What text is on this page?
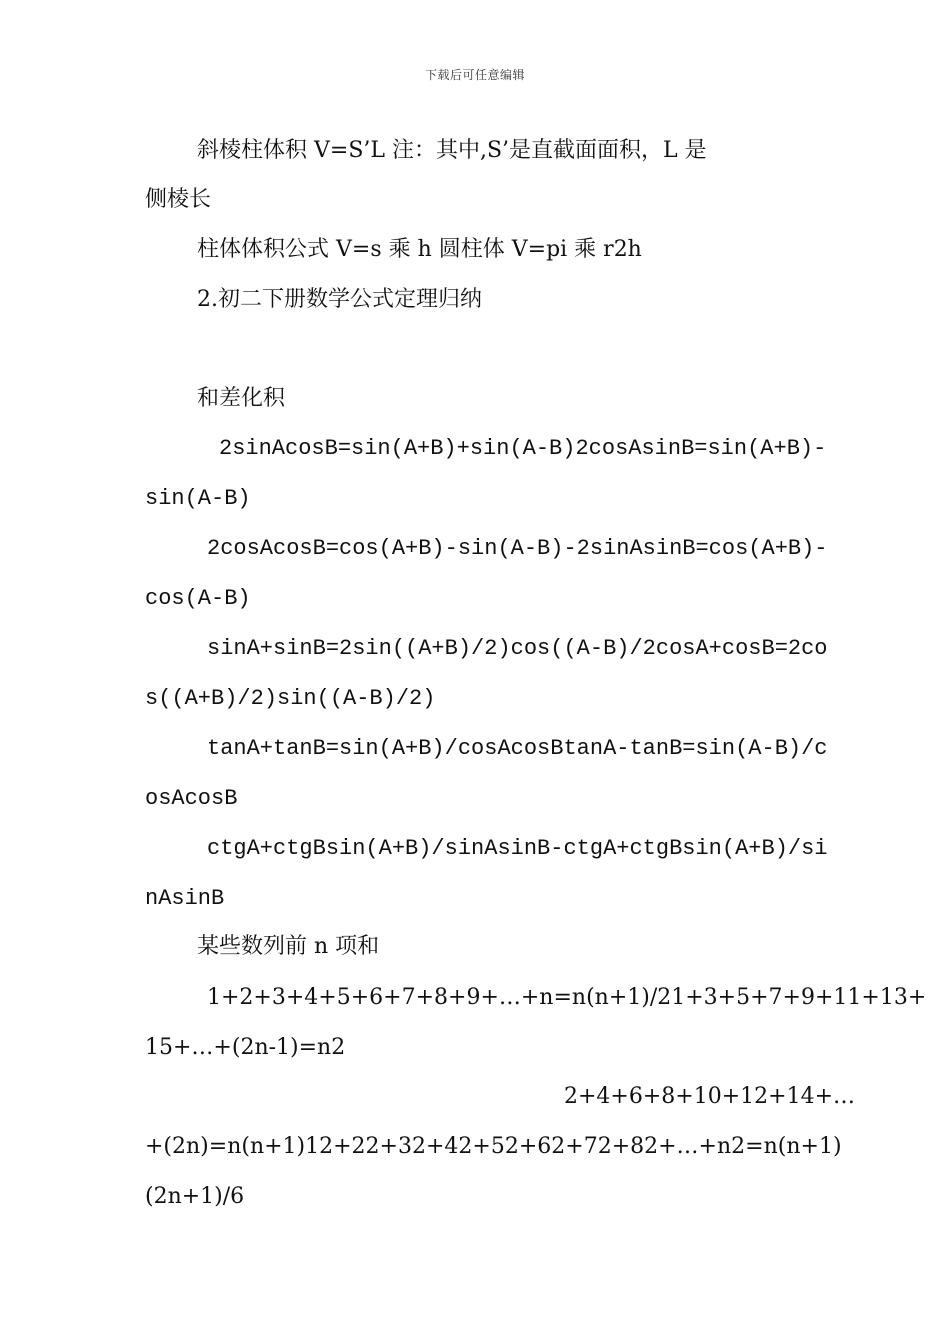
下载后可任意编辑
斜棱柱体积 V=S’L 注：其中,S’是直截面面积，L 是
侧棱长
柱体体积公式 V=s 乘 h 圆柱体 V=pi 乘 r2h
2.初二下册数学公式定理归纳
和差化积
2sinAcosB=sin(A+B)+sin(A-B)2cosAsinB=sin(A+B)-
sin(A-B)
2cosAcosB=cos(A+B)-sin(A-B)-2sinAsinB=cos(A+B)-
cos(A-B)
sinA+sinB=2sin((A+B)/2)cos((A-B)/2cosA+cosB=2co
s((A+B)/2)sin((A-B)/2)
tanA+tanB=sin(A+B)/cosAcosBtanA-tanB=sin(A-B)/c
osAcosB
ctgA+ctgBsin(A+B)/sinAsinB-ctgA+ctgBsin(A+B)/si
nAsinB
某些数列前 n 项和
1+2+3+4+5+6+7+8+9+…+n=n(n+1)/21+3+5+7+9+11+13+
15+…+(2n-1)=n2
2+4+6+8+10+12+14+…
+(2n)=n(n+1)12+22+32+42+52+62+72+82+…+n2=n(n+1)
(2n+1)/6
